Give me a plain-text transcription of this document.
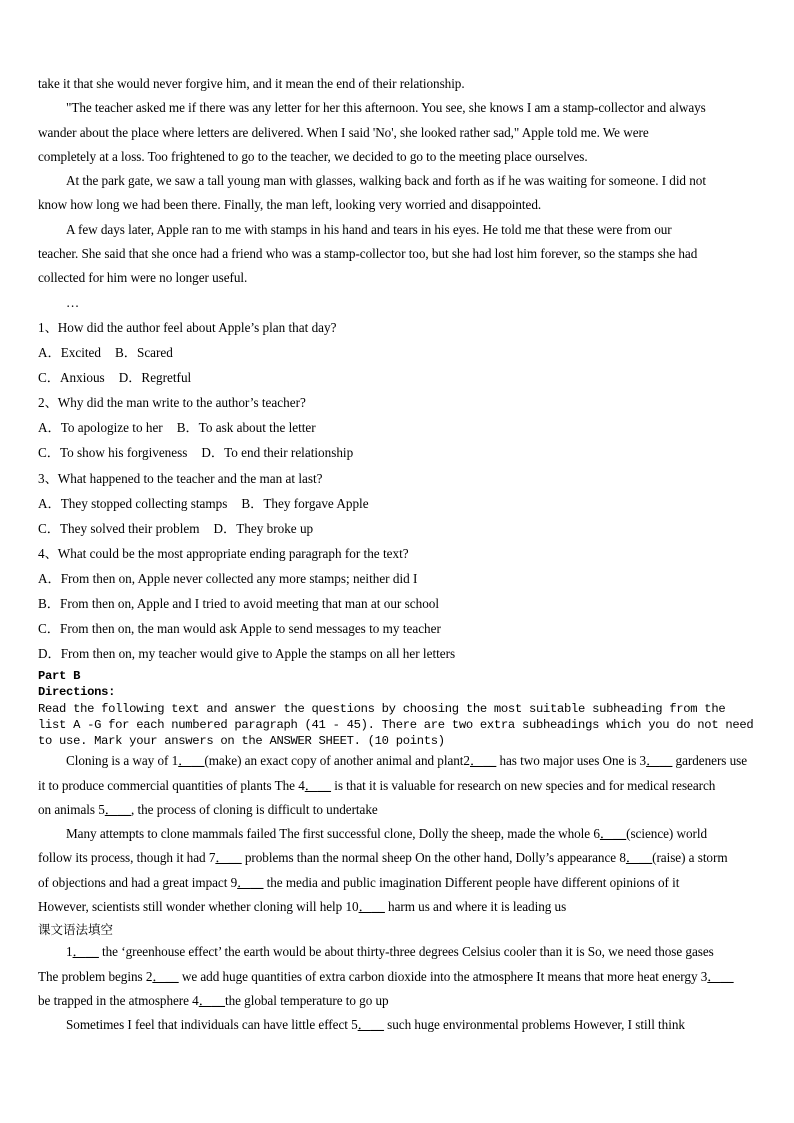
take it that she would never forgive him, and it mean the end of their relationship.

"The teacher asked me if there was any letter for her this afternoon. You see, she knows I am a stamp-collector and always

wander about the place where letters are delivered. When I said 'No', she looked rather sad," Apple told me. We were

completely at a loss. Too frightened to go to the teacher, we decided to go to the meeting place ourselves.

At the park gate, we saw a tall young man with glasses, walking back and forth as if he was waiting for someone. I did not

know how long we had been there. Finally, the man left, looking very worried and disappointed.

A few days later, Apple ran to me with stamps in his hand and tears in his eyes. He told me that these were from our

teacher. She said that she once had a friend who was a stamp-collector too, but she had lost him forever, so the stamps she had

collected for him were no longer useful.

…

1、How did the author feel about Apple’s plan that day?

A．Excited B．Scared

C．Anxious D．Regretful

2、Why did the man write to the author’s teacher?

A．To apologize to her B．To ask about the letter

C．To show his forgiveness D．To end their relationship

3、What happened to the teacher and the man at last?

A．They stopped collecting stamps B．They forgave Apple

C．They solved their problem D．They broke up

4、What could be the most appropriate ending paragraph for the text?

A．From then on, Apple never collected any more stamps; neither did I

B．From then on, Apple and I tried to avoid meeting that man at our school

C．From then on, the man would ask Apple to send messages to my teacher

D．From then on, my teacher would give to Apple the stamps on all her letters

Part B

Directions:

Read the following text and answer the questions by choosing the most suitable subheading from the

list A -G for each numbered paragraph (41 - 45). There are two extra subheadings which you do not need

to use. Mark your answers on the ANSWER SHEET. (10 points)

Cloning is a way of 1．__(make) an exact copy of another animal and plant2．__ has two major uses One is 3．__ gardeners use

it to produce commercial quantities of plants The 4．__ is that it is valuable for research on new species and for medical research

on animals 5．__, the process of cloning is difficult to undertake

Many attempts to clone mammals failed The first successful clone, Dolly the sheep, made the whole 6．__(science) world

follow its process, though it had 7．__ problems than the normal sheep On the other hand, Dolly’s appearance 8．__(raise) a storm

of objections and had a great impact 9．__ the media and public imagination Different people have different opinions of it

However, scientists still wonder whether cloning will help 10．__ harm us and where it is leading us

课文语法填空

1．__ the ‘greenhouse effect’ the earth would be about thirty-three degrees Celsius cooler than it is So, we need those gases

The problem begins 2．__ we add huge quantities of extra carbon dioxide into the atmosphere It means that more heat energy 3．__

be trapped in the atmosphere 4．__the global temperature to go up

Sometimes I feel that individuals can have little effect 5．__ such huge environmental problems However, I still think
